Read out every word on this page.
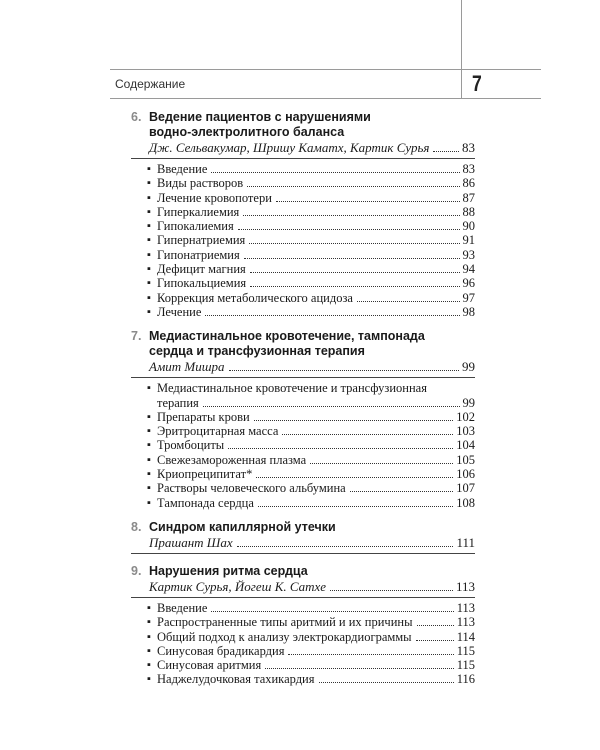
Содержание	7
6. Ведение пациентов с нарушениями
водно-электролитного баланса
Дж. Сельвакумар, Шришу Каматх, Картик Сурья	83
▪ Введение	83
▪ Виды растворов	86
▪ Лечение кровопотери	87
▪ Гиперкалиемия	88
▪ Гипокалиемия	90
▪ Гипернатриемия	91
▪ Гипонатриемия	93
▪ Дефицит магния	94
▪ Гипокальциемия	96
▪ Коррекция метаболического ацидоза	97
▪ Лечение	98
7. Медиастинальное кровотечение, тампонада
сердца и трансфузионная терапия
Амит Мишра	99
▪ Медиастинальное кровотечение и трансфузионная
терапия	99
▪ Препараты крови	102
▪ Эритроцитарная масса	103
▪ Тромбоциты	104
▪ Свежезамороженная плазма	105
▪ Криопреципитат*	106
▪ Растворы человеческого альбумина	107
▪ Тампонада сердца	108
8. Синдром капиллярной утечки
Прашант Шах	111
9. Нарушения ритма сердца
Картик Сурья, Йогеш К. Сатхе	113
▪ Введение	113
▪ Распространенные типы аритмий и их причины	113
▪ Общий подход к анализу электрокардиограммы	114
▪ Синусовая брадикардия	115
▪ Синусовая аритмия	115
▪ Наджелудочковая тахикардия	116
